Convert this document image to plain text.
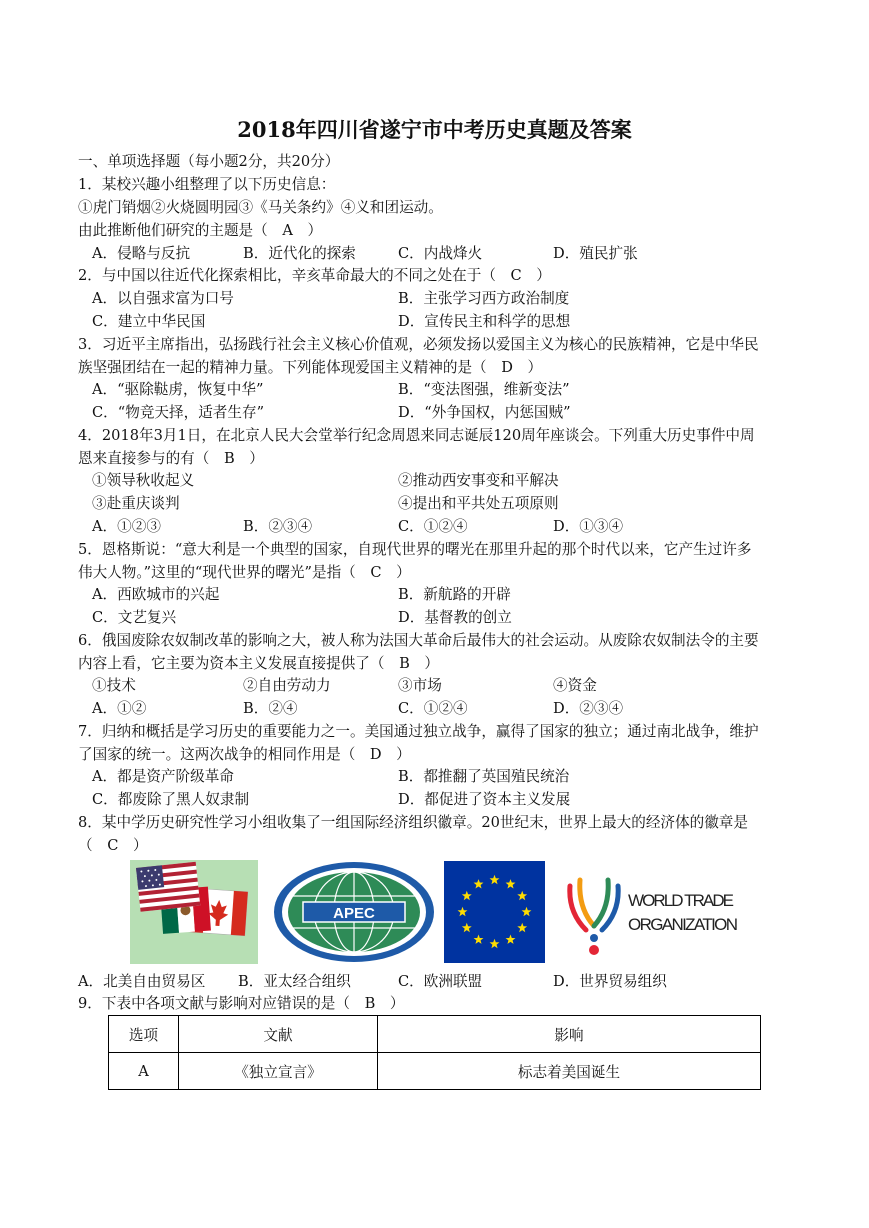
2018年四川省遂宁市中考历史真题及答案
一、单项选择题（每小题2分，共20分）
1．某校兴趣小组整理了以下历史信息：
①虎门销烟②火烧圆明园③《马关条约》④义和团运动。
由此推断他们研究的主题是（　A　）
A．侵略与反抗	B．近代化的探索	C．内战烽火	D．殖民扩张
2．与中国以往近代化探索相比，辛亥革命最大的不同之处在于（　C　）
A．以自强求富为口号	B．主张学习西方政治制度
C．建立中华民国	D．宣传民主和科学的思想
3．习近平主席指出，弘扬践行社会主义核心价值观，必须发扬以爱国主义为核心的民族精神，它是中华民
族坚强团结在一起的精神力量。下列能体现爱国主义精神的是（　D　）
A．“驱除鞑虏，恢复中华”	B．“变法图强，维新变法”
C．“物竞天择，适者生存”	D．“外争国权，内惩国贼”
4．2018年3月1日，在北京人民大会堂举行纪念周恩来同志诞辰120周年座谈会。下列重大历史事件中周
恩来直接参与的有（　B　）
①领导秋收起义	②推动西安事变和平解决
③赴重庆谈判	④提出和平共处五项原则
A．①②③	B．②③④	C．①②④	D．①③④
5．恩格斯说：“意大利是一个典型的国家，自现代世界的曙光在那里升起的那个时代以来，它产生过许多
伟大人物。”这里的“现代世界的曙光”是指（　C　）
A．西欧城市的兴起	B．新航路的开辟
C．文艺复兴	D．基督教的创立
6．俄国废除农奴制改革的影响之大，被人称为法国大革命后最伟大的社会运动。从废除农奴制法令的主要
内容上看，它主要为资本主义发展直接提供了（　B　）
①技术	②自由劳动力	③市场	④资金
A．①②	B．②④	C．①②④	D．②③④
7．归纳和概括是学习历史的重要能力之一。美国通过独立战争，赢得了国家的独立；通过南北战争，维护
了国家的统一。这两次战争的相同作用是（　D　）
A．都是资产阶级革命	B．都推翻了英国殖民统治
C．都废除了黑人奴隶制	D．都促进了资本主义发展
8．某中学历史研究性学习小组收集了一组国际经济组织徽章。20世纪末，世界上最大的经济体的徽章是
（　C　）
APEC
WORLD TRADE
ORGANIZATION
A．北美自由贸易区 B．亚太经合组织	C．欧洲联盟	D．世界贸易组织
9．下表中各项文献与影响对应错误的是（　B　）
选项	文献	影响
A	《独立宣言》	标志着美国诞生
